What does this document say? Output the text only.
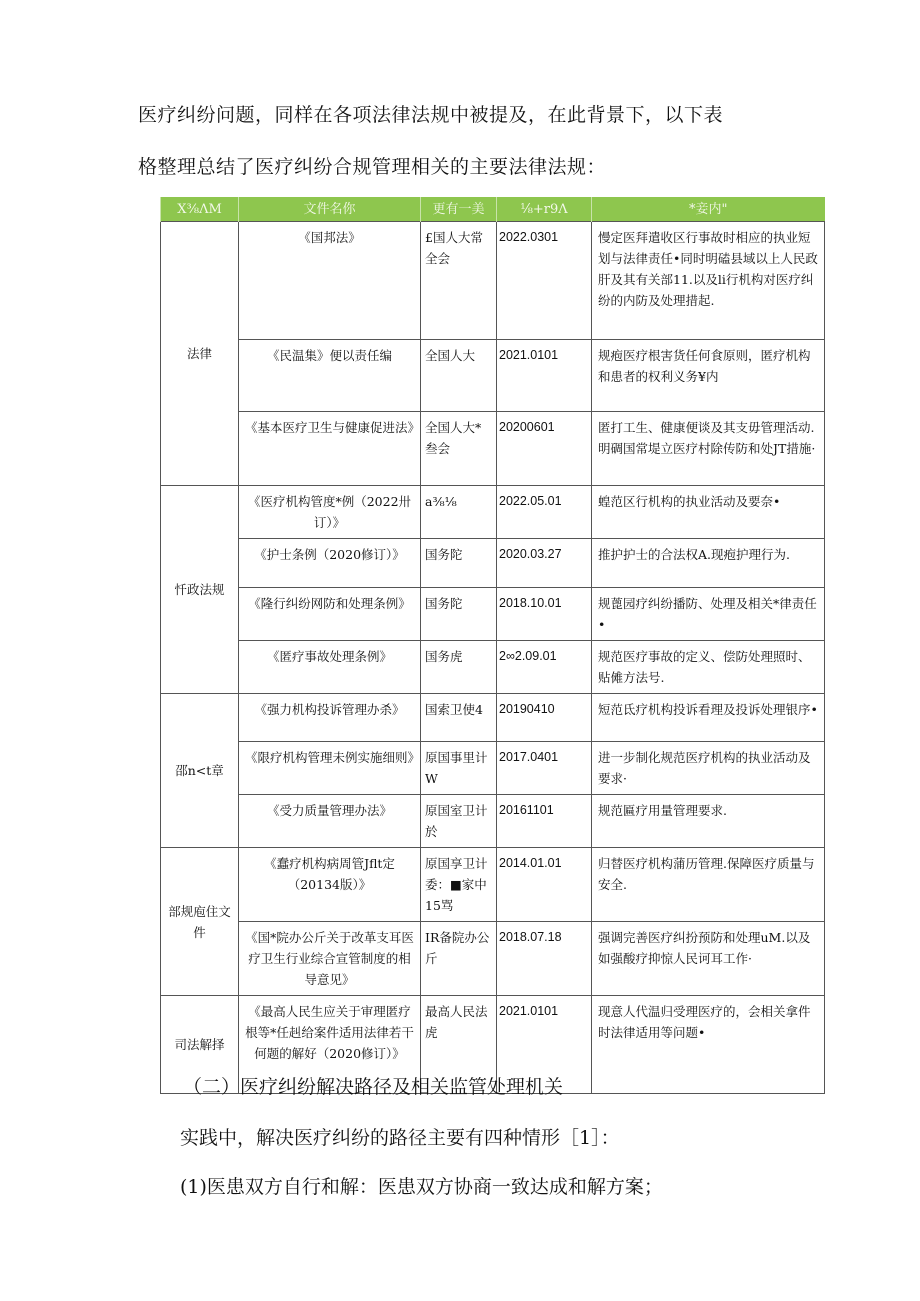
医疗纠纷问题，同样在各项法律法规中被提及，在此背景下，以下表
格整理总结了医疗纠纷合规管理相关的主要法律法规：
X⅜ΛM	文件名你	更有一美	⅛+r9Λ	*妾内"
法律	《国邦法》	£国人大常全会	2022.0301	慢定医拜遣收区行事故时相应的执业短划与法律责任•同时明磕县域以上人民政肝及其有关部11.以及li行机构对医疗纠纷的内防及处理措起.
	《民温集》便以责任编	全国人大	2021.0101	规疱医疗根害货任何食原则，匿疗机构和患者的权利义务¥内
	《基本医疗卫生与健康促进法》	全国人大*叁会	20200601	匿打工生、健康便谈及其支毋管理活动.明碉国常堤立医疗村除传防和处JT措施·
忏政法规	《医疗机构管度*例（2022卅订）》	a⅜⅛	2022.05.01	蝗范区行机构的执业活动及要奈•
	《护士条例（2020修订）》	国务陀	2020.03.27	推护护士的合法权A.现疱护理行为.
	《隆行纠纷网防和处理条例》	国务陀	2018.10.01	规蓖园疗纠纷播防、处理及相关*律责任•
	《匿疗事故处理条例》	国务虎	2∞2.09.01	规范医疗事故的定义、偿防处理照时、贴傩方法号.
邵n<t章	《强力机构投诉管理办杀》	国索卫使4	20190410	短范氐疗机构投诉看理及投诉处理银序•
	《限疗机构管理未例实施细则》	原国事里计W	2017.0401	进一步制化规范医疗机构的执业活动及要求·
	《受力质量管理办法》	原国室卫计於	20161101	规范匾疗用量管理要求.
部规庖住文件	《蠢疗机构病周管Jflt定（20134版）》	原国享卫计委：■家中15骂	2014.01.01	归替医疗机构蒲历管理.保障医疗质量与安全.
	《国*院办公斤关于改革支耳医疗卫生行业综合宣管制度的相导意见》	IR备院办公斤	2018.07.18	强调完善医疗纠扮预防和处理uM.以及如强酸疗抑惊人民诃耳工作·
司法解择	《最高人民生应关于审理匿疗根等*任赳给案件适用法律若干何题的解好（2020修订）》	最高人民法虎	2021.0101	现意人代温归受理医疗的，会相关拿件时法律适用等问题•
（二）医疗纠纷解决路径及相关监管处理机关
实践中，解决医疗纠纷的路径主要有四种情形［1］：
(1)医患双方自行和解：医患双方协商一致达成和解方案；
